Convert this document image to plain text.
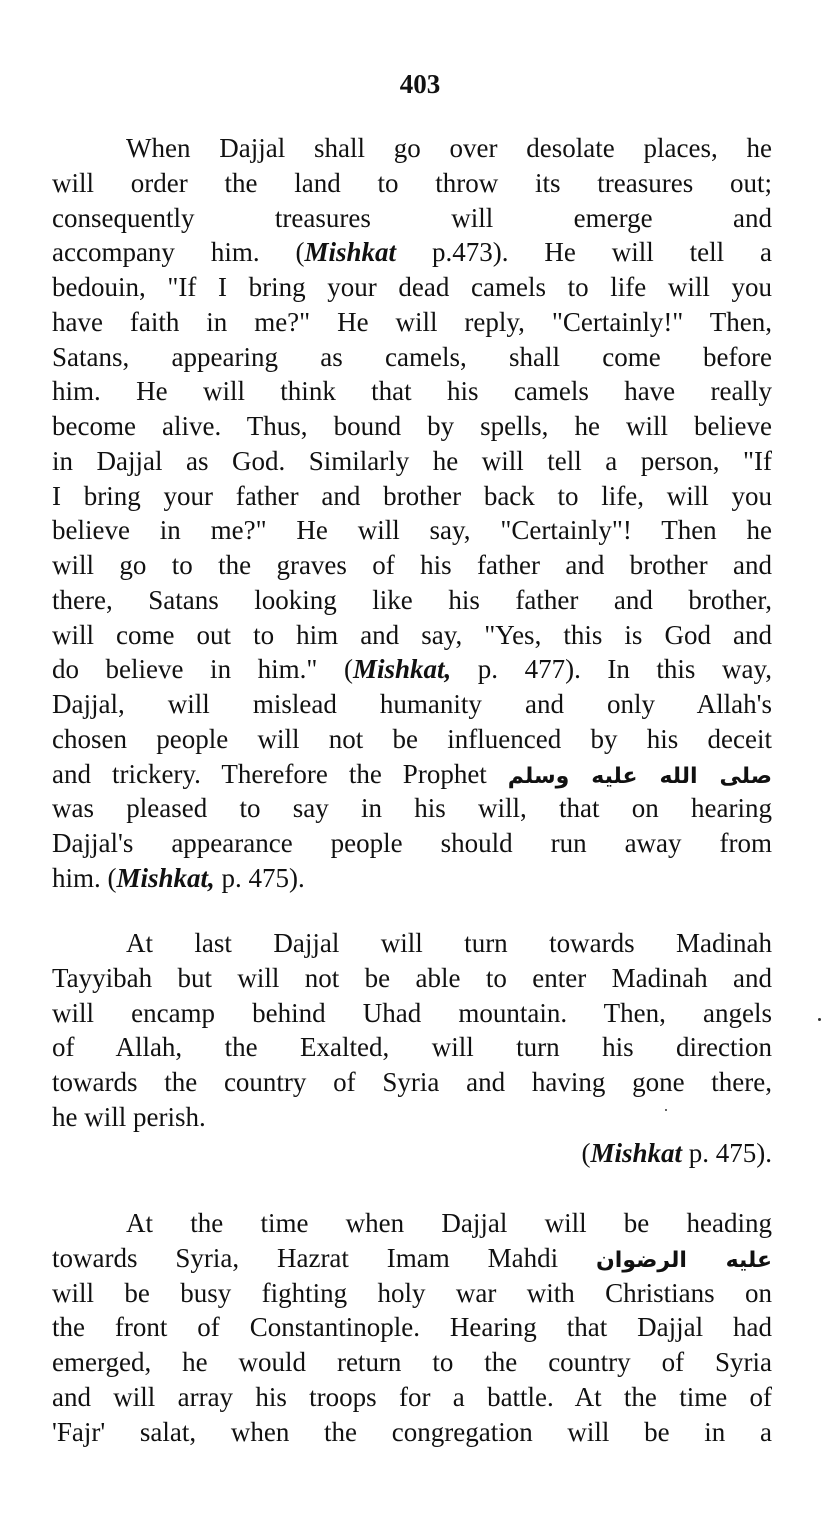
403
When Dajjal shall go over desolate places, he
will order the land to throw its treasures out;
consequently treasures will emerge and
accompany him. (Mishkat p.473). He will tell a
bedouin, "If I bring your dead camels to life will you
have faith in me?" He will reply, "Certainly!" Then,
Satans, appearing as camels, shall come before
him. He will think that his camels have really
become alive. Thus, bound by spells, he will believe
in Dajjal as God. Similarly he will tell a person, "If
I bring your father and brother back to life, will you
believe in me?" He will say, "Certainly"! Then he
will go to the graves of his father and brother and
there, Satans looking like his father and brother,
will come out to him and say, "Yes, this is God and
do believe in him." (Mishkat, p. 477). In this way,
Dajjal, will mislead humanity and only Allah's
chosen people will not be influenced by his deceit
and trickery. Therefore the Prophet صلى الله عليه وسلم
was pleased to say in his will, that on hearing
Dajjal's appearance people should run away from
him. (Mishkat, p. 475).
At last Dajjal will turn towards Madinah
Tayyibah but will not be able to enter Madinah and
will encamp behind Uhad mountain. Then, angels
of Allah, the Exalted, will turn his direction
towards the country of Syria and having gone there,
he will perish.
(Mishkat p. 475).
At the time when Dajjal will be heading
towards Syria, Hazrat Imam Mahdi عليه الرضوان
will be busy fighting holy war with Christians on
the front of Constantinople. Hearing that Dajjal had
emerged, he would return to the country of Syria
and will array his troops for a battle. At the time of
'Fajr' salat, when the congregation will be in a
